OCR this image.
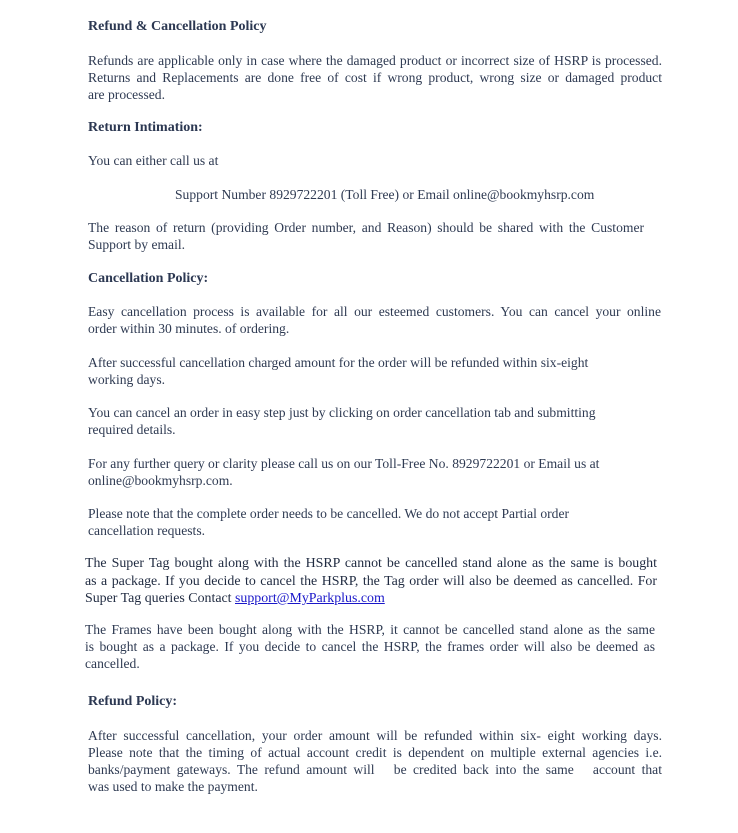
Refund & Cancellation Policy
Refunds are applicable only in case where the damaged product or incorrect size of HSRP is processed.
Returns and Replacements are done free of cost if wrong product, wrong size or damaged product
are processed.
Return Intimation:
You can either call us at
Support Number 8929722201 (Toll Free) or Email online@bookmyhsrp.com
The reason of return (providing Order number, and Reason) should be shared with the Customer
Support by email.
Cancellation Policy:
Easy cancellation process is available for all our esteemed customers. You can cancel your online
order within 30 minutes. of ordering.
After successful cancellation charged amount for the order will be refunded within six-eight
working days.
You can cancel an order in easy step just by clicking on order cancellation tab and submitting
required details.
For any further query or clarity please call us on our Toll-Free No. 8929722201 or Email us at
online@bookmyhsrp.com.
Please note that the complete order needs to be cancelled. We do not accept Partial order
cancellation requests.
The Super Tag bought along with the HSRP cannot be cancelled stand alone as the same is bought
as a package. If you decide to cancel the HSRP, the Tag order will also be deemed as cancelled. For
Super Tag queries Contact support@MyParkplus.com
The Frames have been bought along with the HSRP, it cannot be cancelled stand alone as the same
is bought as a package. If you decide to cancel the HSRP, the frames order will also be deemed as
cancelled.
Refund Policy:
After successful cancellation, your order amount will be refunded within six- eight working days.
Please note that the timing of actual account credit is dependent on multiple external agencies i.e.
banks/payment gateways. The refund amount will   be credited back into the same   account that
was used to make the payment.
